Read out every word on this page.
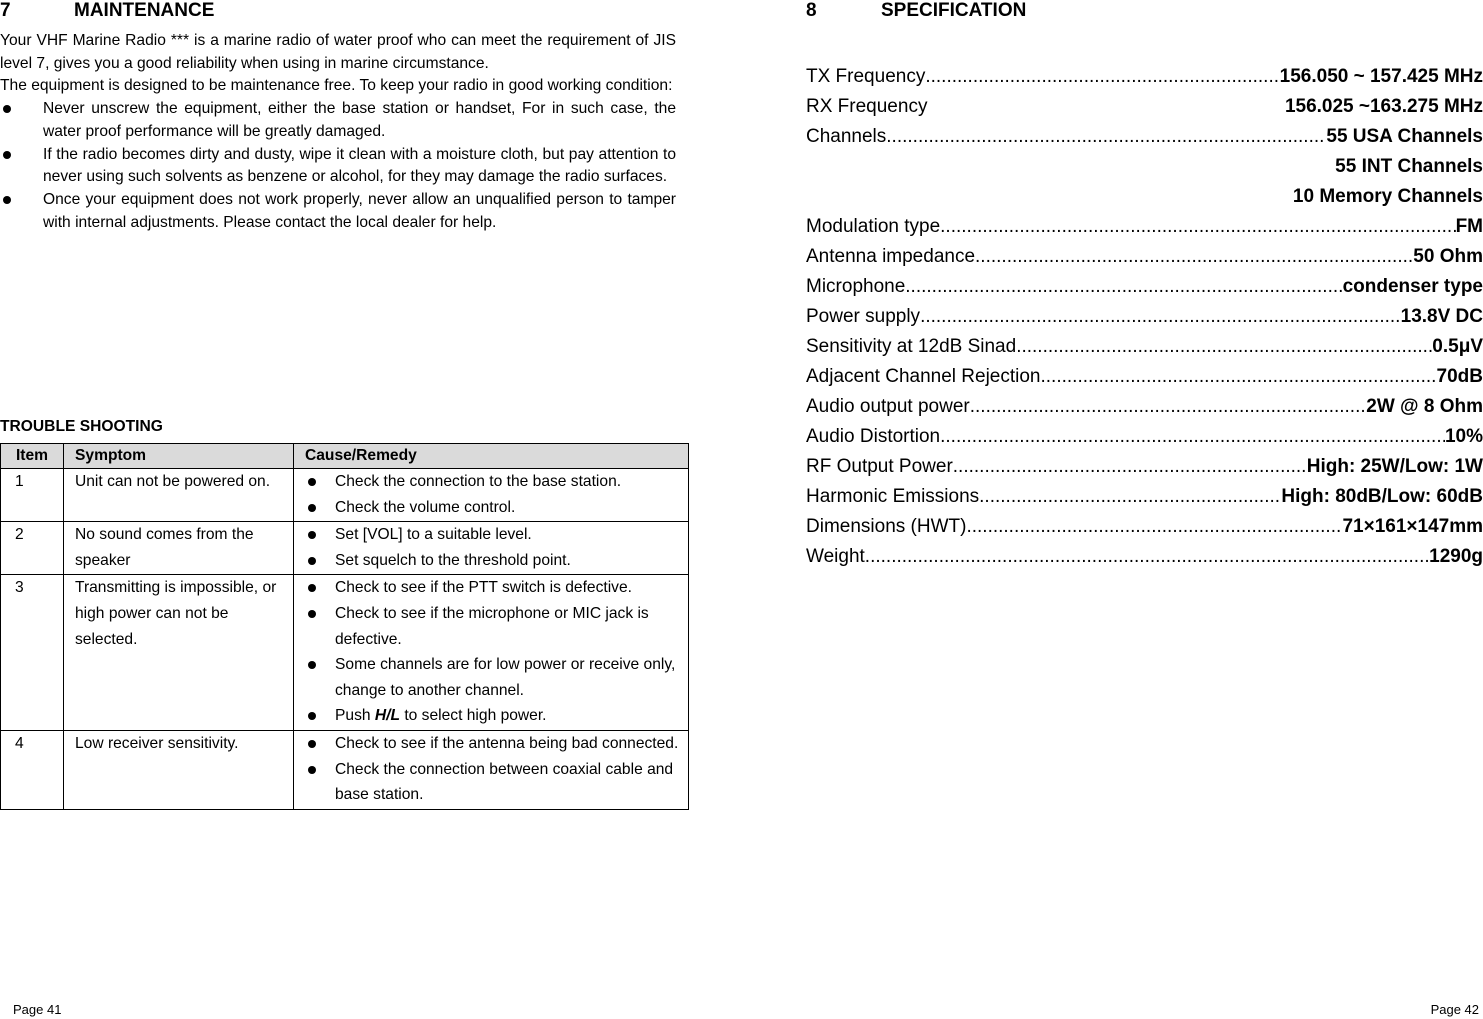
7	MAINTENANCE

Your VHF Marine Radio *** is a marine radio of water proof who can meet the requirement of JIS level 7, gives you a good reliability when using in marine circumstance.

The equipment is designed to be maintenance free. To keep your radio in good working condition:

Never unscrew the equipment, either the base station or handset, For in such case, the water proof performance will be greatly damaged.
If the radio becomes dirty and dusty, wipe it clean with a moisture cloth, but pay attention to never using such solvents as benzene or alcohol, for they may damage the radio surfaces.
Once your equipment does not work properly, never allow an unqualified person to tamper with internal adjustments. Please contact the local dealer for help.
TROUBLE SHOOTING
Item	Symptom	Cause/Remedy
1	Unit can not be powered on.	Check the connection to the base station.
Check the volume control.

2	No sound comes from the speaker	Set [VOL] to a suitable level.
Set squelch to the threshold point.

3	Transmitting is impossible, or high power can not be selected.	Check to see if the PTT switch is defective.
Check to see if the microphone or MIC jack is defective.
Some channels are for low power or receive only, change to another channel.
Push H/L to select high power.

4	Low receiver sensitivity.	Check to see if the antenna being bad connected.
Check the connection between coaxial cable and base station.
Page 41
8	SPECIFICATION
TX Frequency .....	156.050 ~ 157.425 MHz
RX Frequency	156.025 ~163.275 MHz
Channels .....	55 USA Channels
55 INT Channels
10 Memory Channels
Modulation type .....	FM
Antenna impedance .....	50 Ohm
Microphone .....	condenser type
Power supply .....	13.8V DC
Sensitivity at 12dB Sinad .....	0.5μV
Adjacent Channel Rejection .....	70dB
Audio output power .....	2W @ 8 Ohm
Audio Distortion .....	10%
RF Output Power .....	High: 25W/Low: 1W
Harmonic Emissions .....	High: 80dB/Low: 60dB
Dimensions (HWT) .....	71×161×147mm
Weight .....	1290g
Page 42
